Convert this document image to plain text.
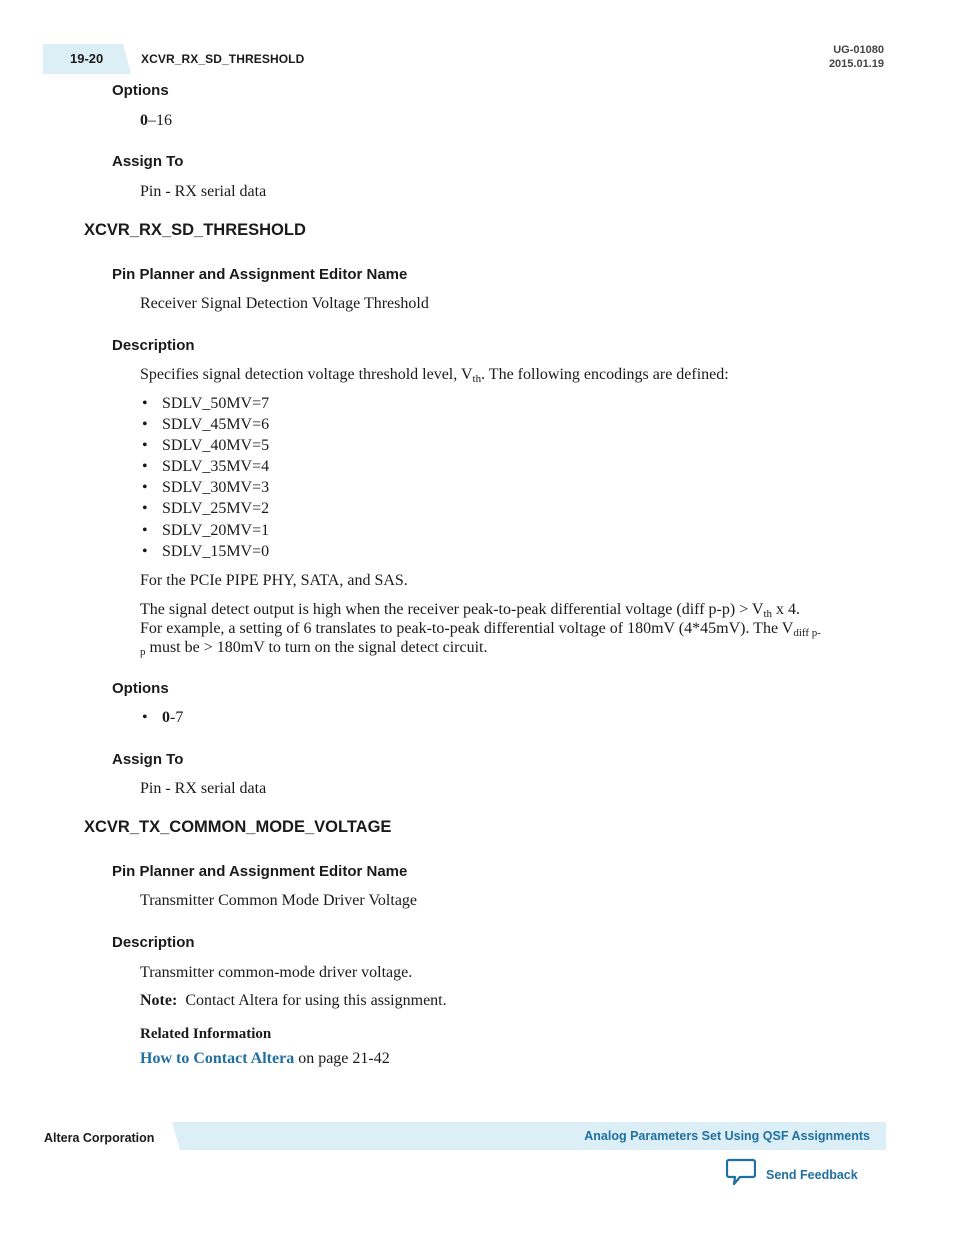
19-20	XCVR_RX_SD_THRESHOLD
UG-01080
2015.01.19
Options
0–16
Assign To
Pin - RX serial data
XCVR_RX_SD_THRESHOLD
Pin Planner and Assignment Editor Name
Receiver Signal Detection Voltage Threshold
Description
Specifies signal detection voltage threshold level, $V_{th}$. The following encodings are defined:
• SDLV_50MV=7
• SDLV_45MV=6
• SDLV_40MV=5
• SDLV_35MV=4
• SDLV_30MV=3
• SDLV_25MV=2
• SDLV_20MV=1
• SDLV_15MV=0
For the PCIe PIPE PHY, SATA, and SAS.
The signal detect output is high when the receiver peak-to-peak differential voltage (diff $p-p) > V_{th}$ x 4.
For example, a setting of 6 translates to peak-to-peak differential voltage of 180mV (4*45mV). The $V_{diff p-}$
$_p$ must be > 180mV to turn on the signal detect circuit.
Options
• 0-7
Assign To
Pin - RX serial data
XCVR_TX_COMMON_MODE_VOLTAGE
Pin Planner and Assignment Editor Name
Transmitter Common Mode Driver Voltage
Description
Transmitter common-mode driver voltage.
Note: Contact Altera for using this assignment.
Related Information
How to Contact Altera on page 21-42
Altera Corporation	Analog Parameters Set Using QSF Assignments
Send Feedback
